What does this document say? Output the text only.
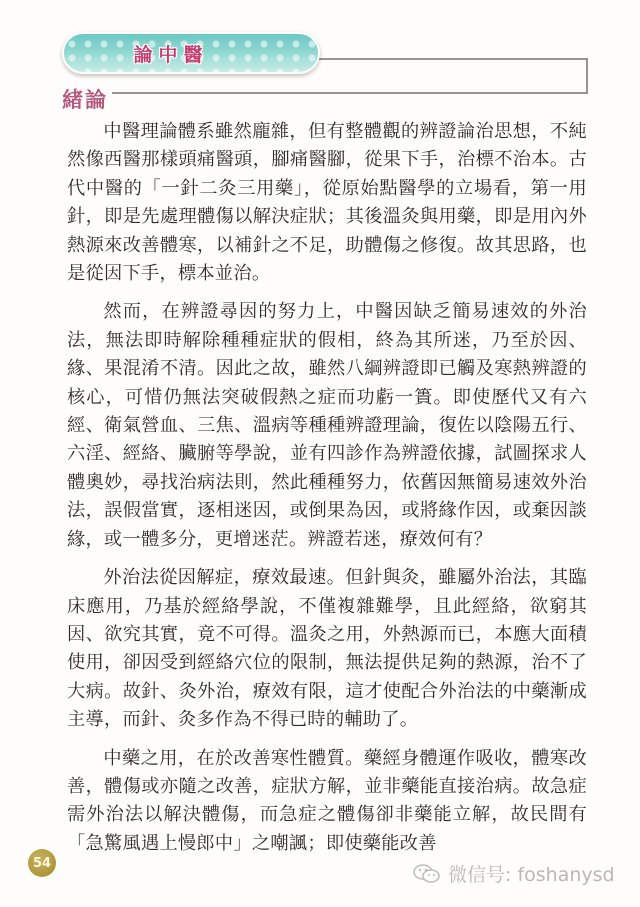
論中醫
緒論

中醫理論體系雖然龐雜，但有整體觀的辨證論治思想，不純然像西醫那樣頭痛醫頭，腳痛醫腳，從果下手，治標不治本。古代中醫的「一針二灸三用藥」，從原始點醫學的立場看，第一用針，即是先處理體傷以解決症狀；其後溫灸與用藥，即是用內外熱源來改善體寒，以補針之不足，助體傷之修復。故其思路，也是從因下手，標本並治。

然而，在辨證尋因的努力上，中醫因缺乏簡易速效的外治法，無法即時解除種種症狀的假相，終為其所迷，乃至於因、緣、果混淆不清。因此之故，雖然八綱辨證即已觸及寒熱辨證的核心，可惜仍無法突破假熱之症而功虧一簣。即使歷代又有六經、衛氣營血、三焦、溫病等種種辨證理論，復佐以陰陽五行、六淫、經絡、臟腑等學說，並有四診作為辨證依據，試圖探求人體奧妙，尋找治病法則，然此種種努力，依舊因無簡易速效外治法，誤假當實，逐相迷因，或倒果為因，或將緣作因，或棄因談緣，或一體多分，更增迷茫。辨證若迷，療效何有？

外治法從因解症，療效最速。但針與灸，雖屬外治法，其臨床應用，乃基於經絡學說，不僅複雜難學，且此經絡，欲窮其因、欲究其實，竟不可得。溫灸之用，外熱源而已，本應大面積使用，卻因受到經絡穴位的限制，無法提供足夠的熱源，治不了大病。故針、灸外治，療效有限，這才使配合外治法的中藥漸成主導，而針、灸多作為不得已時的輔助了。

中藥之用，在於改善寒性體質。藥經身體運作吸收，體寒改善，體傷或亦隨之改善，症狀方解，並非藥能直接治病。故急症需外治法以解決體傷，而急症之體傷卻非藥能立解，故民間有「急驚風遇上慢郎中」之嘲諷；即使藥能改善

54
微信号: foshanysd
